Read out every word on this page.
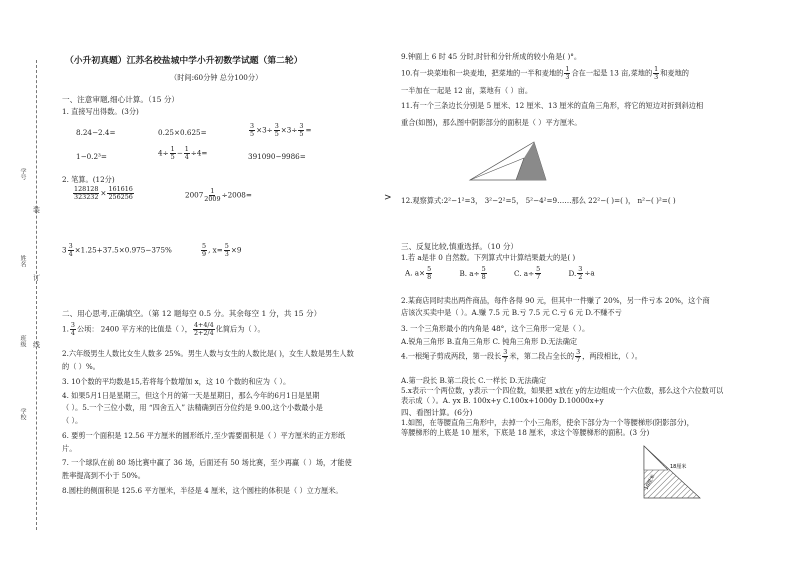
学号
姓名
班级
学校
装
订
线
（小升初真题）江苏名校盐城中学小升初数学试题（第二轮）
（时间:60分钟 总分100分）
一、注意审题,细心计算。（15 分）
1. 直接写出得数。(3分)
8.24−2.4=	0.25×0.625=	$\frac{3}{5} \times 3\div \frac{3}{5} \times 3\div \frac{3}{5}$ =
1−0.2³=	$4\div \frac{1}{5} - \frac{1}{4} \div 4=$	391090−9986=
2. 笔算。(12分)
$\frac{128128}{323232} \times \frac{161616}{256256}$	$2007 \frac{1}{2009} \div 2008=$
$3 \frac{3}{4} \times 1.25+37.5\times 0.975-375\%$	$\frac{5}{9}$ , $x= \frac{5}{3} \times 9$
二、用心思考,正确填空。（第 12 题每空 0.5 分。其余每空 1 分，共 15 分）
1. $\frac{3}{4}$ 公顷： 2400 平方米的比值是（ ）， $\frac{4+4/4}{2+2/4}$ 化简后为（ ）。
2.六年级男生人数比女生人数多 25%。男生人数与女生的人数比是( )，女生人数是男生人数
的（ ）%。
3. 10个数的平均数是15,若将每个数增加 x，这 10 个数的和应为（ ）。
4. 如果5月1日是星期三，但这个月的第一天是星期日，那么今年的6月1日是星期
（ ）。5.一个三位小数，用 “四舍五入” 法精确到百分位约是 9.00,这个小数最小是
（ ）。
6. 要剪一个面积是 12.56 平方厘米的圆形纸片,至少需要面积是（ ）平方厘米的正方形纸
片。
7. 一个球队在前 80 场比赛中赢了 36 场，后面还有 50 场比赛，至少再赢（ ）场，才能使
胜率提高到不小于 50%。
8.圆柱的侧面积是 125.6 平方厘米，半径是 4 厘米，这个圆柱的体积是（ ）立方厘米。
>
9.钟面上 6 时 45 分时,时针和分针所成的较小角是( )°。
10.有一块菜地和一块麦地，把菜地的一半和麦地的 $\frac{1}{3}$ 合在一起是 13 亩,菜地的 $\frac{1}{3}$ 和麦地的
一半加在一起是 12 亩，菜地有（ ）亩。
11.有一个三条边长分别是 5 厘米、12 厘米、13 厘米的直角三角形，将它的短边对折到斜边相
重合(如图)，那么图中阴影部分的面积是（ ）平方厘米。
12.观察算式:2²−1²=3， 3²−2²=5， 5²−4²=9……那么 22²−( )=( )， n²−( )²=( )
三、反复比较,慎重选择。（10 分）
1.若 a是非 0 自然数。下列算式中计算结果最大的是( )
A. $a\times \frac{5}{8}$	B. $a\div \frac{5}{8}$	C. $a\div \frac{5}{7}$	D. $\frac{3}{2} \div a$
2.某商店同时卖出两件商品，每件各得 90 元，但其中一件赚了 20%，另一件亏本 20%，这个商
店该次买卖中是（ ）。A.赚 7.5 元 B.亏 7.5 元 C.亏 6 元 D.不赚不亏
3. 一个三角形最小的内角是 48°，这个三角形一定是（ ）。
A.锐角三角形 B.直角三角形 C. 钝角三角形 D.无法确定
4.一根绳子剪成两段，第一段长 $\frac{3}{7}$ 米，第二段占全长的 $\frac{3}{7}$ ，两段相比，（ ）。
A.第一段长 B.第二段长 C.一样长 D.无法确定
5.x表示一个两位数，y表示一个四位数，如果把 x放在 y的左边组成一个六位数，那么这个六位数可以
表示成（ ）。A. yx B. 100x+y C.100x+1000y D.10000x+y
四、看图计算。(6分)
1.如图，在等腰直角三角形中，去掉一个小三角形，使余下部分为一个等腰梯形(阴影部分)，
等腰梯形的上底是 10 厘米，下底是 18 厘米，求这个等腰梯形的面积。(3 分)
18厘米
10厘米
